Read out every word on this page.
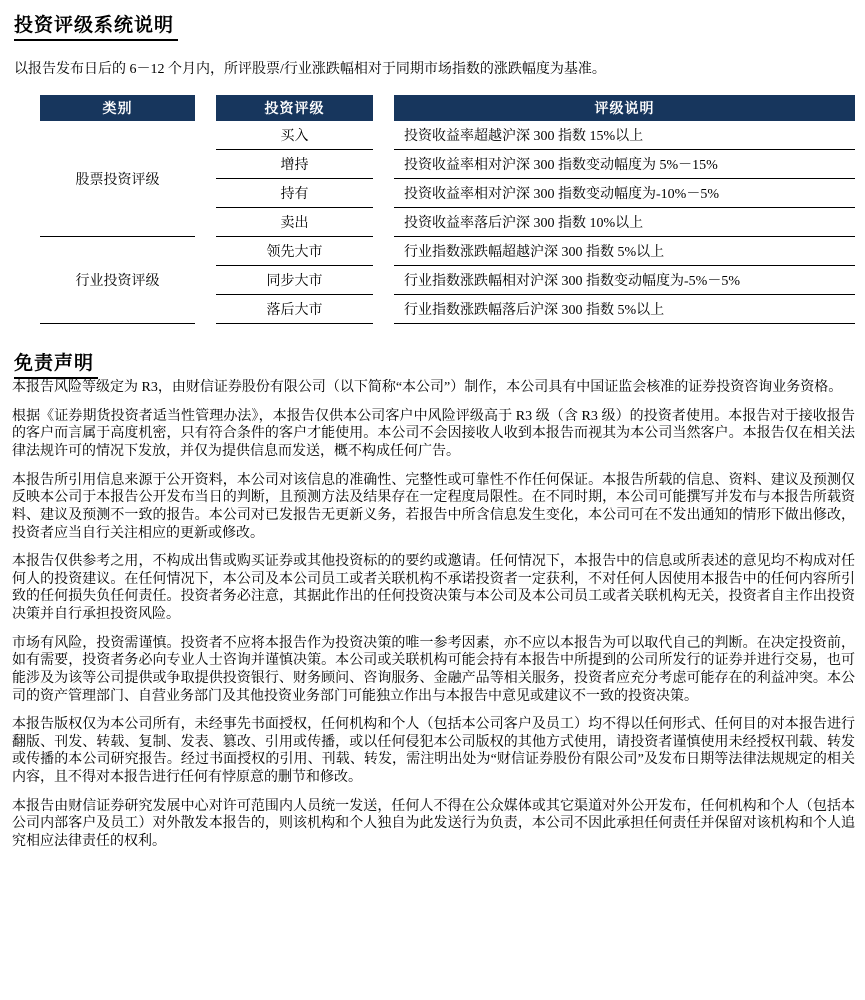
投资评级系统说明

以报告发布日后的 6－12 个月内，所评股票/行业涨跌幅相对于同期市场指数的涨跌幅度为基准。

类别	投资评级	评级说明
股票投资评级
买入	投资收益率超越沪深 300 指数 15%以上
增持	投资收益率相对沪深 300 指数变动幅度为 5%－15%
持有	投资收益率相对沪深 300 指数变动幅度为-10%－5%
卖出	投资收益率落后沪深 300 指数 10%以上
行业投资评级
领先大市	行业指数涨跌幅超越沪深 300 指数 5%以上
同步大市	行业指数涨跌幅相对沪深 300 指数变动幅度为-5%－5%
落后大市	行业指数涨跌幅落后沪深 300 指数 5%以上
免责声明

本报告风险等级定为 R3，由财信证券股份有限公司（以下简称“本公司”）制作，本公司具有中国证监会核准的证券投资咨询业务资格。

根据《证券期货投资者适当性管理办法》，本报告仅供本公司客户中风险评级高于 R3 级（含 R3 级）的投资者使用。本报告对于接收报告的客户而言属于高度机密，只有符合条件的客户才能使用。本公司不会因接收人收到本报告而视其为本公司当然客户。本报告仅在相关法律法规许可的情况下发放，并仅为提供信息而发送，概不构成任何广告。

本报告所引用信息来源于公开资料，本公司对该信息的准确性、完整性或可靠性不作任何保证。本报告所载的信息、资料、建议及预测仅反映本公司于本报告公开发布当日的判断，且预测方法及结果存在一定程度局限性。在不同时期，本公司可能撰写并发布与本报告所载资料、建议及预测不一致的报告。本公司对已发报告无更新义务，若报告中所含信息发生变化，本公司可在不发出通知的情形下做出修改，投资者应当自行关注相应的更新或修改。

本报告仅供参考之用，不构成出售或购买证券或其他投资标的的要约或邀请。任何情况下，本报告中的信息或所表述的意见均不构成对任何人的投资建议。在任何情况下，本公司及本公司员工或者关联机构不承诺投资者一定获利，不对任何人因使用本报告中的任何内容所引致的任何损失负任何责任。投资者务必注意，其据此作出的任何投资决策与本公司及本公司员工或者关联机构无关，投资者自主作出投资决策并自行承担投资风险。

市场有风险，投资需谨慎。投资者不应将本报告作为投资决策的唯一参考因素，亦不应以本报告为可以取代自己的判断。在决定投资前，如有需要，投资者务必向专业人士咨询并谨慎决策。本公司或关联机构可能会持有本报告中所提到的公司所发行的证券并进行交易，也可能涉及为该等公司提供或争取提供投资银行、财务顾问、咨询服务、金融产品等相关服务，投资者应充分考虑可能存在的利益冲突。本公司的资产管理部门、自营业务部门及其他投资业务部门可能独立作出与本报告中意见或建议不一致的投资决策。

本报告版权仅为本公司所有，未经事先书面授权，任何机构和个人（包括本公司客户及员工）均不得以任何形式、任何目的对本报告进行翻版、刊发、转载、复制、发表、篡改、引用或传播，或以任何侵犯本公司版权的其他方式使用，请投资者谨慎使用未经授权刊载、转发或传播的本公司研究报告。经过书面授权的引用、刊载、转发，需注明出处为“财信证券股份有限公司”及发布日期等法律法规规定的相关内容，且不得对本报告进行任何有悖原意的删节和修改。

本报告由财信证券研究发展中心对许可范围内人员统一发送，任何人不得在公众媒体或其它渠道对外公开发布，任何机构和个人（包括本公司内部客户及员工）对外散发本报告的，则该机构和个人独自为此发送行为负责，本公司不因此承担任何责任并保留对该机构和个人追究相应法律责任的权利。
